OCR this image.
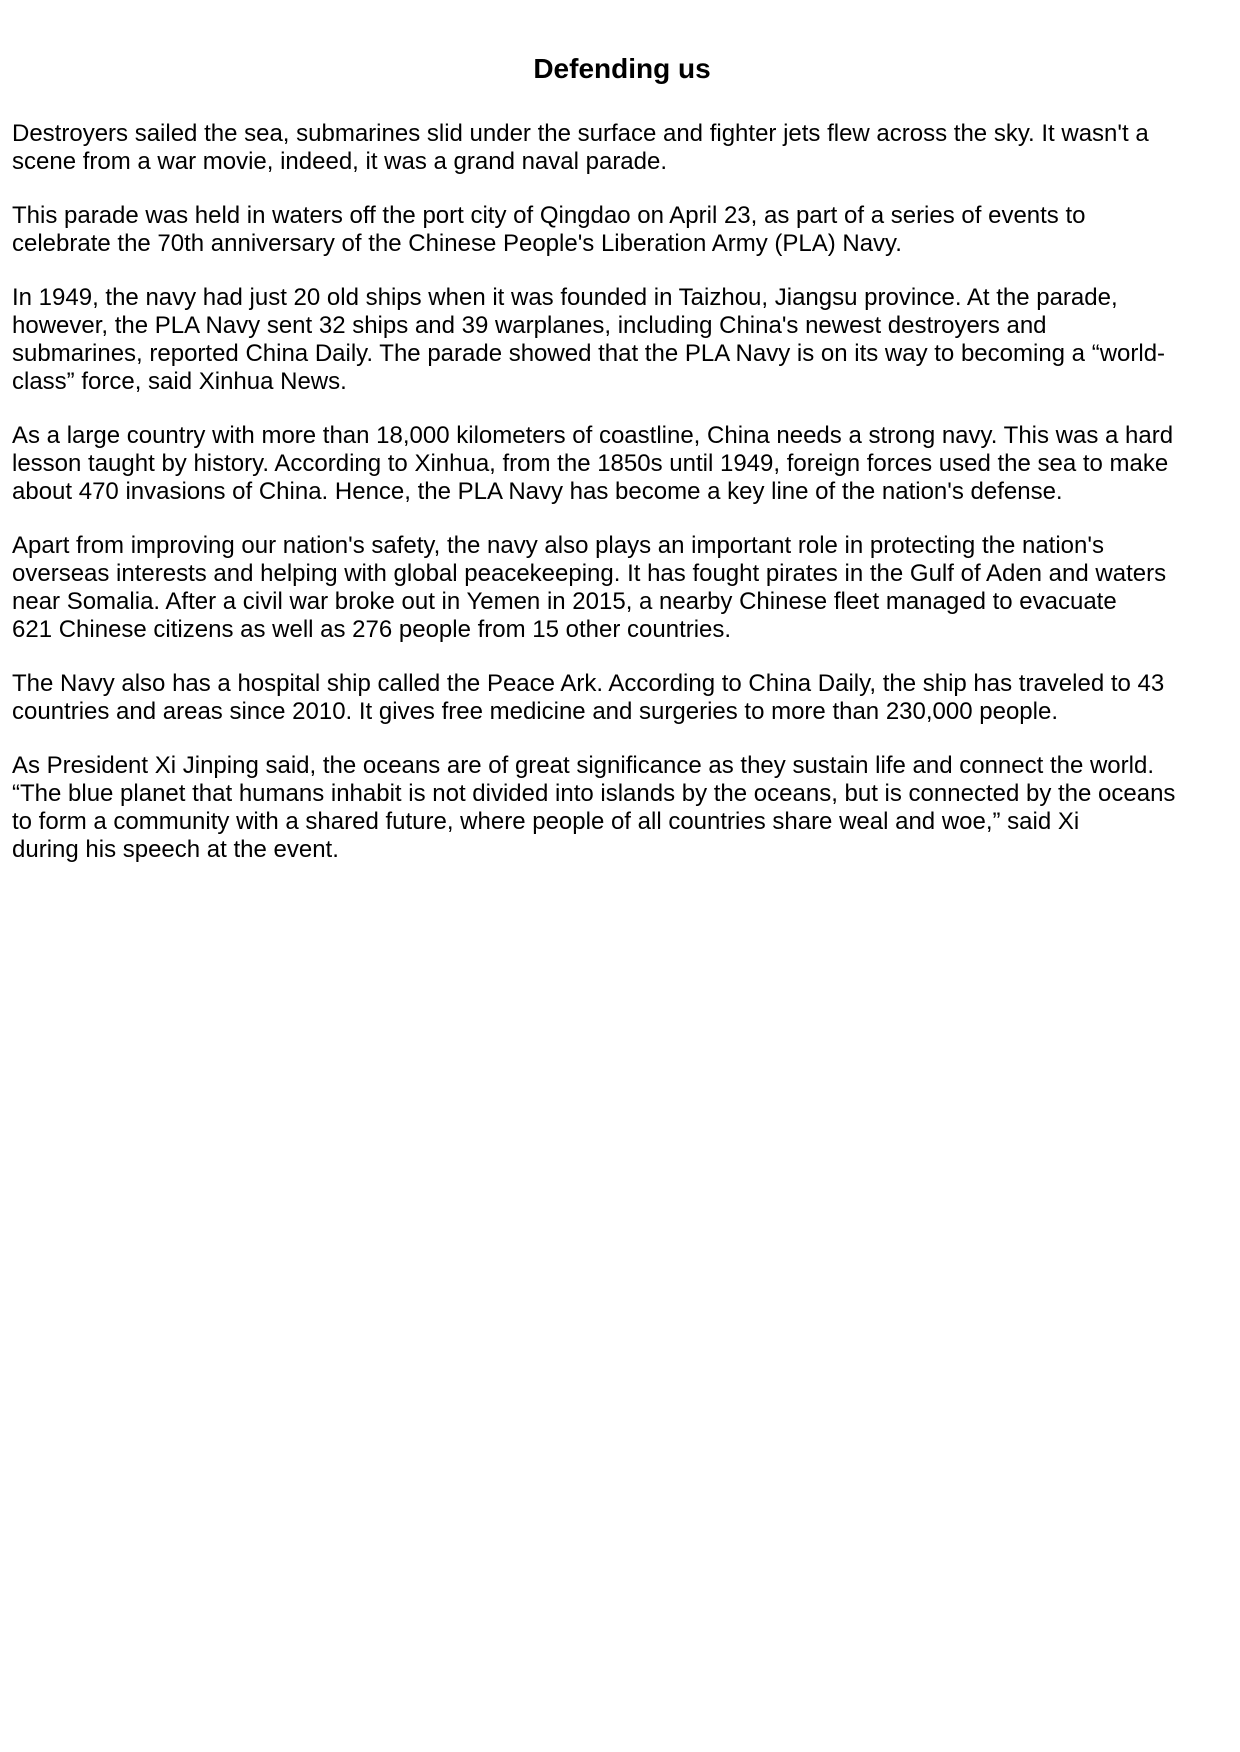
Defending us

Destroyers sailed the sea, submarines slid under the surface and fighter jets flew across the sky. It wasn't a
scene from a war movie, indeed, it was a grand naval parade.

This parade was held in waters off the port city of Qingdao on April 23, as part of a series of events to
celebrate the 70th anniversary of the Chinese People's Liberation Army (PLA) Navy.

In 1949, the navy had just 20 old ships when it was founded in Taizhou, Jiangsu province. At the parade,
however, the PLA Navy sent 32 ships and 39 warplanes, including China's newest destroyers and
submarines, reported China Daily. The parade showed that the PLA Navy is on its way to becoming a “world-
class” force, said Xinhua News.

As a large country with more than 18,000 kilometers of coastline, China needs a strong navy. This was a hard
lesson taught by history. According to Xinhua, from the 1850s until 1949, foreign forces used the sea to make
about 470 invasions of China. Hence, the PLA Navy has become a key line of the nation's defense.

Apart from improving our nation's safety, the navy also plays an important role in protecting the nation's
overseas interests and helping with global peacekeeping. It has fought pirates in the Gulf of Aden and waters
near Somalia. After a civil war broke out in Yemen in 2015, a nearby Chinese fleet managed to evacuate
621 Chinese citizens as well as 276 people from 15 other countries.

The Navy also has a hospital ship called the Peace Ark. According to China Daily, the ship has traveled to 43
countries and areas since 2010. It gives free medicine and surgeries to more than 230,000 people.

As President Xi Jinping said, the oceans are of great significance as they sustain life and connect the world.
“The blue planet that humans inhabit is not divided into islands by the oceans, but is connected by the oceans
to form a community with a shared future, where people of all countries share weal and woe,” said Xi
during his speech at the event.
